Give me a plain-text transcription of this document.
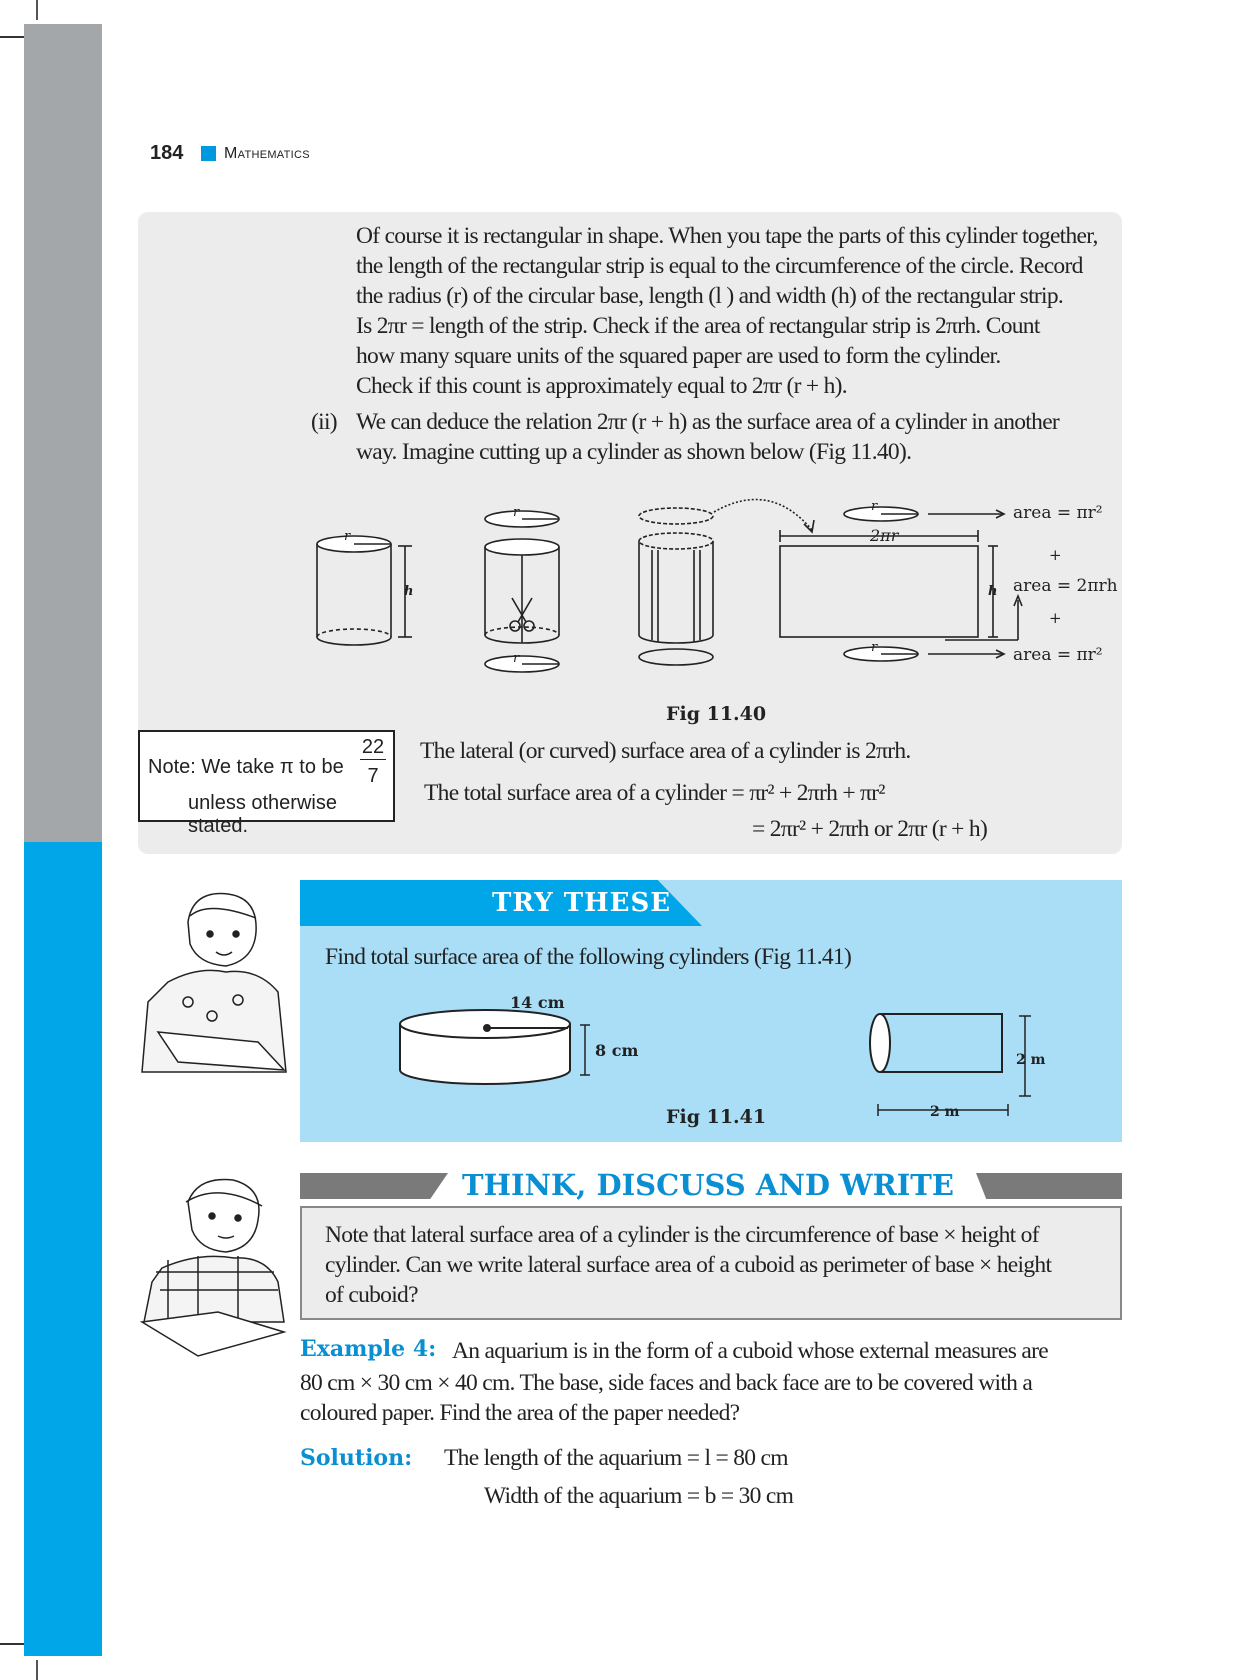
184	Mathematics
Of course it is rectangular in shape. When you tape the parts of this cylinder together,
the length of the rectangular strip is equal to the circumference of the circle. Record
the radius (r) of the circular base, length (l ) and width (h) of the rectangular strip.
Is 2πr = length of the strip. Check if the area of rectangular strip is 2πrh. Count
how many square units of the squared paper are used to form the cylinder.
Check if this count is approximately equal to 2πr (r + h).
(ii) We can deduce the relation 2πr (r + h) as the surface area of a cylinder in another
way. Imagine cutting up a cylinder as shown below (Fig 11.40).
r
h
r
r
2πr
r
r
h
area = πr²
+
area = 2πrh
+
area = πr²
Fig 11.40
Note: We take π to be
22
7
unless otherwise stated.
The lateral (or curved) surface area of a cylinder is 2πrh.
The total surface area of a cylinder = πr² + 2πrh + πr²
= 2πr² + 2πrh or 2πr (r + h)
TRY THESE
Find total surface area of the following cylinders (Fig 11.41)
14 cm
8 cm	2 m
2 m
Fig 11.41
THINK, DISCUSS AND WRITE
Note that lateral surface area of a cylinder is the circumference of base × height of
cylinder. Can we write lateral surface area of a cuboid as perimeter of base × height
of cuboid?
Example 4: An aquarium is in the form of a cuboid whose external measures are
80 cm × 30 cm × 40 cm. The base, side faces and back face are to be covered with a
coloured paper. Find the area of the paper needed?
Solution: The length of the aquarium = l = 80 cm
Width of the aquarium = b = 30 cm
